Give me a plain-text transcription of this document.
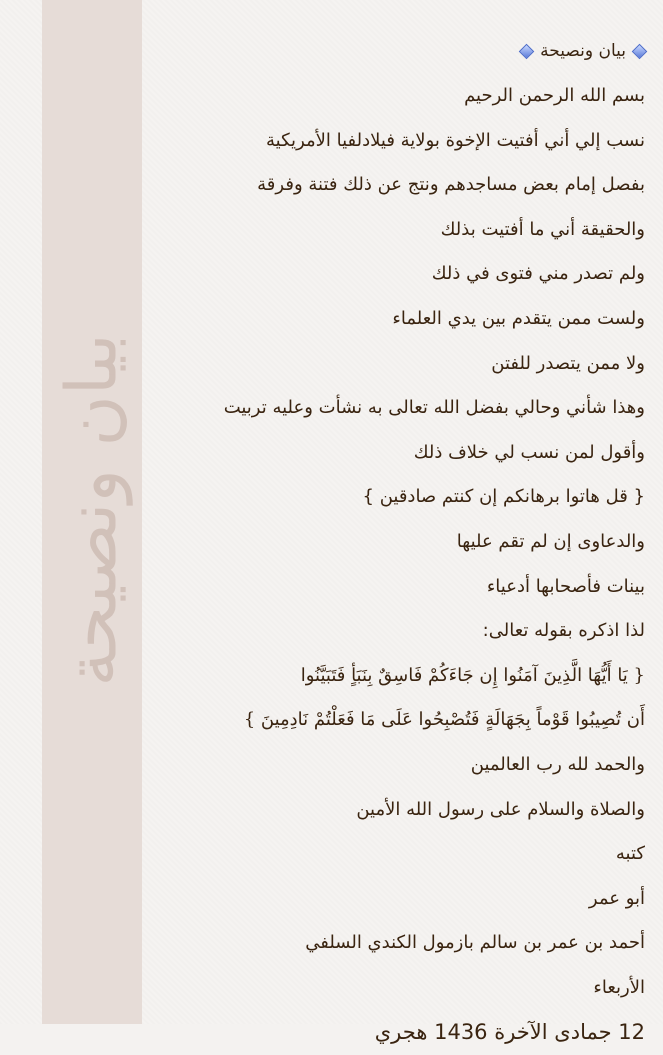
بيان ونصيحة
بيان ونصيحة
بسم الله الرحمن الرحيم
نسب إلي أني أفتيت الإخوة بولاية فيلادلفيا الأمريكية
بفصل إمام بعض مساجدهم ونتج عن ذلك فتنة وفرقة
والحقيقة أني ما أفتيت بذلك
ولم تصدر مني فتوى في ذلك
ولست ممن يتقدم بين يدي العلماء
ولا ممن يتصدر للفتن
وهذا شأني وحالي بفضل الله تعالى به نشأت وعليه تربيت
وأقول لمن نسب لي خلاف ذلك
{ قل هاتوا برهانكم إن كنتم صادقين }
والدعاوى إن لم تقم عليها
بينات فأصحابها أدعياء
لذا اذكره بقوله تعالى:
{ يَا أَيُّهَا الَّذِينَ آمَنُوا إِن جَاءَكُمْ فَاسِقٌ بِنَبَأٍ فَتَبَيَّنُوا
أَن تُصِيبُوا قَوْماً بِجَهَالَةٍ فَتُصْبِحُوا عَلَى مَا فَعَلْتُمْ نَادِمِينَ }
والحمد لله رب العالمين
والصلاة والسلام على رسول الله الأمين
كتبه
أبو عمر
أحمد بن عمر بن سالم بازمول الكندي السلفي
الأربعاء
12 جمادى الآخرة 1436 هجري
